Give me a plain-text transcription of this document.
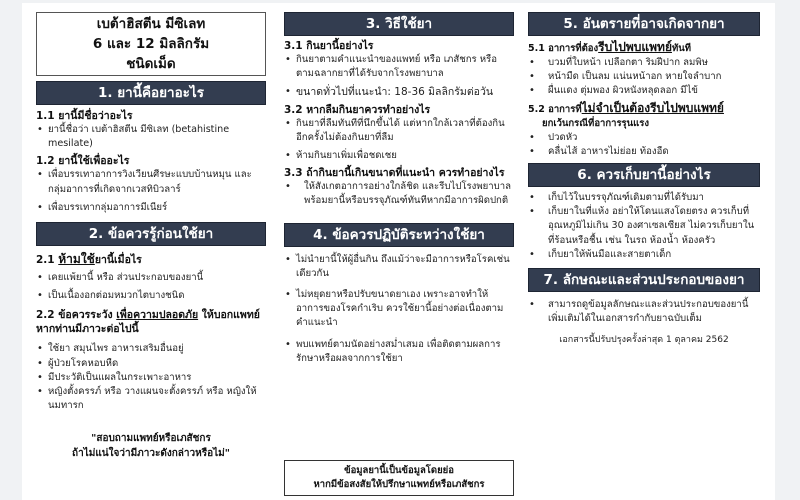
เบต้าฮิสตีน มีซิเลท
6 และ 12 มิลลิกรัม
ชนิดเม็ด
1. ยานี้คือยาอะไร
1.1 ยานี้มีชื่อว่าอะไร
• ยานี้ชื่อว่า เบต้าฮิสตีน มีซิเลท (betahistine mesilate)
1.2 ยานี้ใช้เพื่ออะไร
• เพื่อบรรเทาอาการวิงเวียนศีรษะแบบบ้านหมุน และกลุ่มอาการที่เกิดจากเวสทิบิวลาร์
• เพื่อบรรเทากลุ่มอาการมีเนียร์
2. ข้อควรรู้ก่อนใช้ยา
2.1 ห้ามใช้ยานี้เมื่อไร
• เคยแพ้ยานี้ หรือ ส่วนประกอบของยานี้
• เป็นเนื้องอกต่อมหมวกไตบางชนิด
2.2 ข้อควรระวัง เพื่อความปลอดภัย ให้บอกแพทย์หากท่านมีภาวะต่อไปนี้
• ใช้ยา สมุนไพร อาหารเสริมอื่นอยู่
• ผู้ป่วยโรคหอบหืด
• มีประวัติเป็นแผลในกระเพาะอาหาร
• หญิงตั้งครรภ์ หรือ วางแผนจะตั้งครรภ์ หรือ หญิงให้นมทารก
"สอบถามแพทย์หรือเภสัชกร
ถ้าไม่แน่ใจว่ามีภาวะดังกล่าวหรือไม่"
3. วิธีใช้ยา
3.1 กินยานี้อย่างไร
• กินยาตามคำแนะนำของแพทย์ หรือ เภสัชกร หรือ ตามฉลากยาที่ได้รับจากโรงพยาบาล
• ขนาดทั่วไปที่แนะนำ: 18-36 มิลลิกรัมต่อวัน
3.2 หากลืมกินยาควรทำอย่างไร
• กินยาที่ลืมทันทีที่นึกขึ้นได้ แต่หากใกล้เวลาที่ต้องกินอีกครั้งไม่ต้องกินยาที่ลืม
• ห้ามกินยาเพิ่มเพื่อชดเชย
3.3 ถ้ากินยานี้เกินขนาดที่แนะนำ ควรทำอย่างไร
• ให้สังเกตอาการอย่างใกล้ชิด และรีบไปโรงพยาบาลพร้อมยานี้หรือบรรจุภัณฑ์ทันทีหากมีอาการผิดปกติ
4. ข้อควรปฏิบัติระหว่างใช้ยา
• ไม่นำยานี้ให้ผู้อื่นกิน ถึงแม้ว่าจะมีอาการหรือโรคเช่นเดียวกัน
• ไม่หยุดยาหรือปรับขนาดยาเอง เพราะอาจทำให้อาการของโรคกำเริบ ควรใช้ยานี้อย่างต่อเนื่องตามคำแนะนำ
• พบแพทย์ตามนัดอย่างสม่ำเสมอ เพื่อติดตามผลการรักษาหรือผลจากการใช้ยา
ข้อมูลยานี้เป็นข้อมูลโดยย่อ
หากมีข้อสงสัยให้ปรึกษาแพทย์หรือเภสัชกร
5. อันตรายที่อาจเกิดจากยา
5.1 อาการที่ต้องรีบไปพบแพทย์ทันที
• บวมที่ใบหน้า เปลือกตา ริมฝีปาก ลมพิษ
• หน้ามืด เป็นลม แน่นหน้าอก หายใจลำบาก
• ผื่นแดง ตุ่มพอง ผิวหนังหลุดลอก มีไข้
5.2 อาการที่ไม่จำเป็นต้องรีบไปพบแพทย์
ยกเว้นกรณีที่อาการรุนแรง
• ปวดหัว
• คลื่นไส้ อาหารไม่ย่อย ท้องอืด
6. ควรเก็บยานี้อย่างไร
• เก็บไว้ในบรรจุภัณฑ์เดิมตามที่ได้รับมา
• เก็บยาในที่แห้ง อย่าให้โดนแสงโดยตรง ควรเก็บที่อุณหภูมิไม่เกิน 30 องศาเซลเซียส ไม่ควรเก็บยาในที่ร้อนหรือชื้น เช่น ในรถ ห้องน้ำ ห้องครัว
• เก็บยาให้พ้นมือและสายตาเด็ก
7. ลักษณะและส่วนประกอบของยา
• สามารถดูข้อมูลลักษณะและส่วนประกอบของยานี้เพิ่มเติมได้ในเอกสารกำกับยาฉบับเต็ม
เอกสารนี้ปรับปรุงครั้งล่าสุด 1 ตุลาคม 2562
